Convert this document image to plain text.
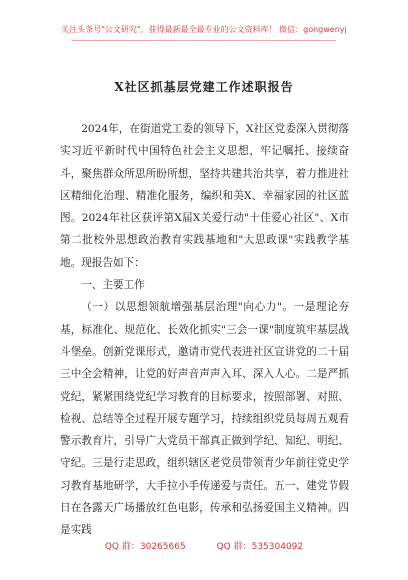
关注头条号"公文研究"，获得最新最全最专业的公文资料库！ 微信：gongwenyj
X社区抓基层党建工作述职报告

2024年，在街道党工委的领导下，X社区党委深入贯彻落实习近平新时代中国特色社会主义思想，牢记嘱托、接续奋斗，聚焦群众所思所盼所想，坚持共建共治共享，着力推进社区精细化治理、精准化服务，编织和美X、幸福家园的社区蓝图。2024年社区获评第X届X关爱行动"十佳爱心社区"、X市第二批校外思想政治教育实践基地和"大思政课"实践教学基地。现报告如下：

一、主要工作

（一）以思想领航增强基层治理"向心力"。一是理论夯基，标准化、规范化、长效化抓实"三会一课"制度筑牢基层战斗堡垒。创新党课形式，邀请市党代表进社区宣讲党的二十届三中全会精神，让党的好声音声声入耳、深入人心。二是严抓党纪，紧紧围绕党纪学习教育的目标要求，按照部署、对照、检视、总结等全过程开展专题学习，持续组织党员每周五观看警示教育片，引导广大党员干部真正做到学纪、知纪、明纪、守纪。三是行走思政，组织辖区老党员带领青少年前往党史学习教育基地研学，大手拉小手传递爱与责任。五一、建党节假日在各露天广场播放红色电影，传承和弘扬爱国主义精神。四是实践

QQ 群：30265665	QQ 群：535304092
